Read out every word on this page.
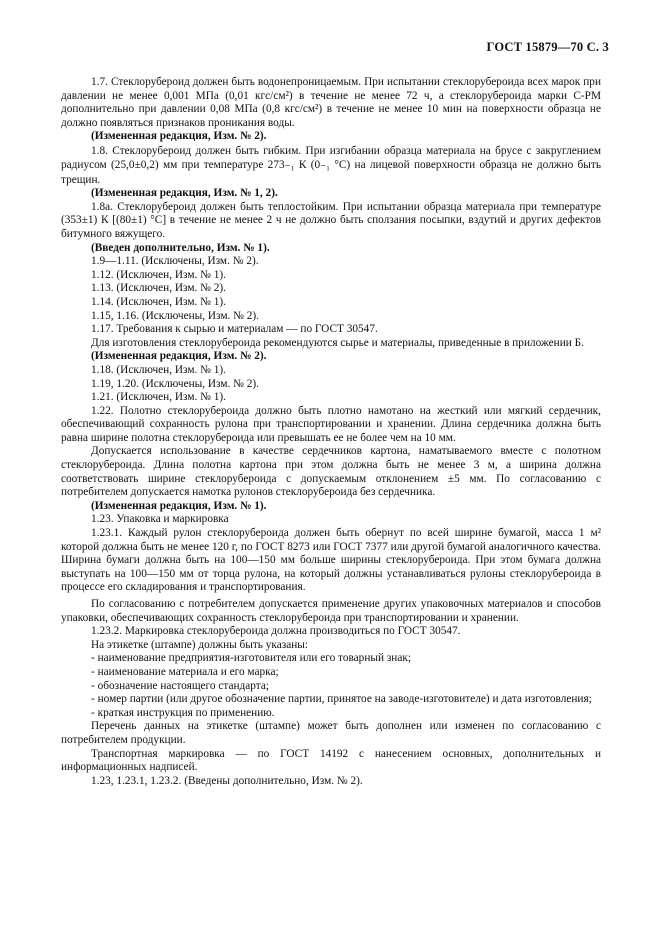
ГОСТ 15879—70 С. 3

1.7. Стеклорубероид должен быть водонепроницаемым. При испытании стеклорубероида всех марок при давлении не менее 0,001 МПа (0,01 кгс/см²) в течение не менее 72 ч, а стеклорубероида марки С-РМ дополнительно при давлении 0,08 МПа (0,8 кгс/см²) в течение не менее 10 мин на поверхности образца не должно появляться признаков проникания воды.

(Измененная редакция, Изм. № 2).

1.8. Стеклорубероид должен быть гибким. При изгибании образца материала на брусе с закруглением радиусом (25,0±0,2) мм при температуре 273₋₁ К (0₋₁ °С) на лицевой поверхности образца не должно быть трещин.

(Измененная редакция, Изм. № 1, 2).

1.8а. Стеклорубероид должен быть теплостойким. При испытании образца материала при температуре (353±1) К [(80±1) °С] в течение не менее 2 ч не должно быть сползания посыпки, вздутий и других дефектов битумного вяжущего.

(Введен дополнительно, Изм. № 1).

1.9—1.11. (Исключены, Изм. № 2).

1.12. (Исключен, Изм. № 1).

1.13. (Исключен, Изм. № 2).

1.14. (Исключен, Изм. № 1).

1.15, 1.16. (Исключены, Изм. № 2).

1.17. Требования к сырью и материалам — по ГОСТ 30547.

Для изготовления стеклорубероида рекомендуются сырье и материалы, приведенные в приложении Б.

(Измененная редакция, Изм. № 2).

1.18. (Исключен, Изм. № 1).

1.19, 1.20. (Исключены, Изм. № 2).

1.21. (Исключен, Изм. № 1).

1.22. Полотно стеклорубероида должно быть плотно намотано на жесткий или мягкий сердечник, обеспечивающий сохранность рулона при транспортировании и хранении. Длина сердечника должна быть равна ширине полотна стеклорубероида или превышать ее не более чем на 10 мм.

Допускается использование в качестве сердечников картона, наматываемого вместе с полотном стеклорубероида. Длина полотна картона при этом должна быть не менее 3 м, а ширина должна соответствовать ширине стеклорубероида с допускаемым отклонением ±5 мм. По согласованию с потребителем допускается намотка рулонов стеклорубероида без сердечника.

(Измененная редакция, Изм. № 1).

1.23. Упаковка и маркировка

1.23.1. Каждый рулон стеклорубероида должен быть обернут по всей ширине бумагой, масса 1 м² которой должна быть не менее 120 г, по ГОСТ 8273 или ГОСТ 7377 или другой бумагой аналогичного качества. Ширина бумаги должна быть на 100—150 мм больше ширины стеклорубероида. При этом бумага должна выступать на 100—150 мм от торца рулона, на который должны устанавливаться рулоны стеклорубероида в процессе его складирования и транспортирования.

По согласованию с потребителем допускается применение других упаковочных материалов и способов упаковки, обеспечивающих сохранность стеклорубероида при транспортировании и хранении.

1.23.2. Маркировка стеклорубероида должна производиться по ГОСТ 30547.

На этикетке (штампе) должны быть указаны:

- наименование предприятия-изготовителя или его товарный знак;

- наименование материала и его марка;

- обозначение настоящего стандарта;

- номер партии (или другое обозначение партии, принятое на заводе-изготовителе) и дата изготовления;

- краткая инструкция по применению.

Перечень данных на этикетке (штампе) может быть дополнен или изменен по согласованию с потребителем продукции.

Транспортная маркировка — по ГОСТ 14192 с нанесением основных, дополнительных и информационных надписей.

1.23, 1.23.1, 1.23.2. (Введены дополнительно, Изм. № 2).
